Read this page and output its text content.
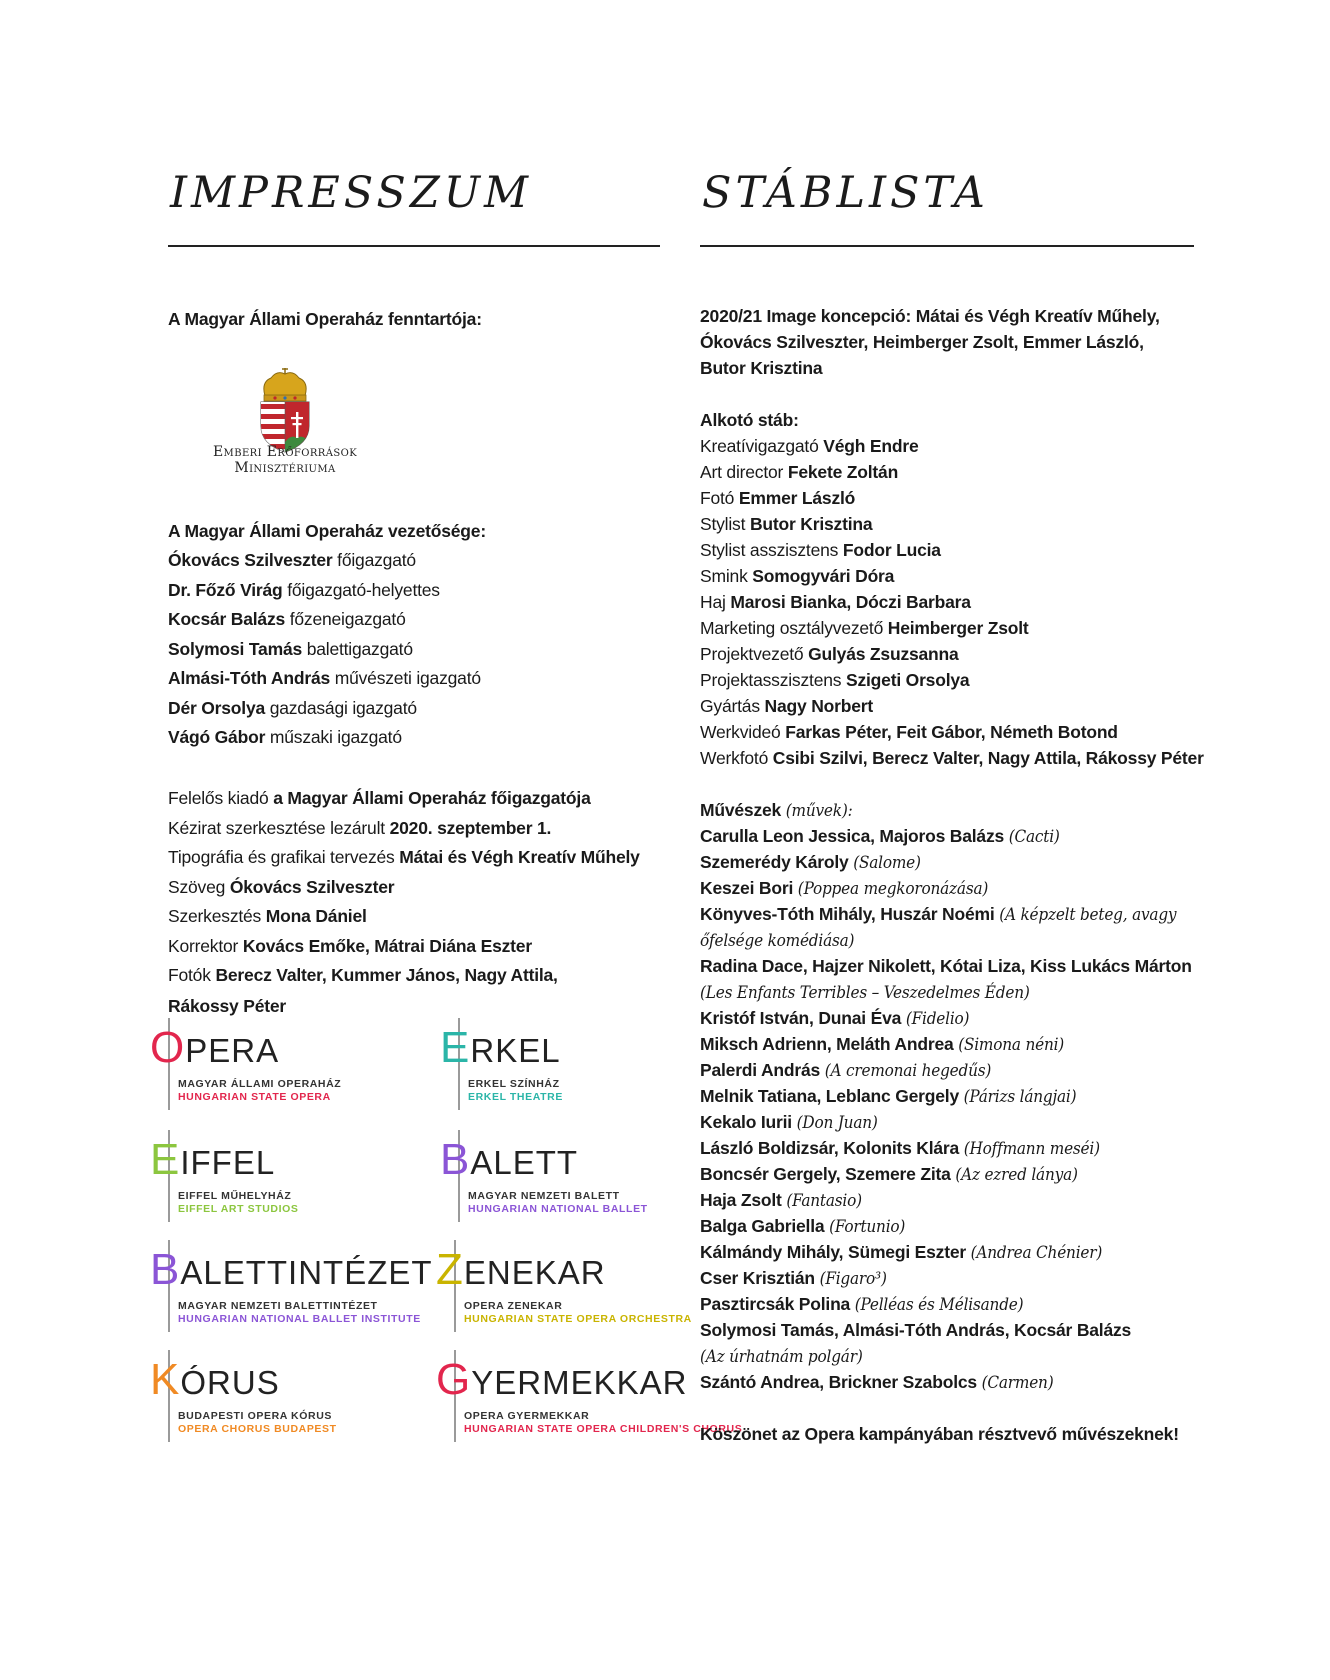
IMPRESSZUM	STÁBLISTA
A Magyar Állami Operaház fenntartója:
Emberi Erőforrások
Minisztériuma
A Magyar Állami Operaház vezetősége:
Ókovács Szilveszter főigazgató
Dr. Főző Virág főigazgató-helyettes
Kocsár Balázs főzeneigazgató
Solymosi Tamás balettigazgató
Almási-Tóth András művészeti igazgató
Dér Orsolya gazdasági igazgató
Vágó Gábor műszaki igazgató
Felelős kiadó a Magyar Állami Operaház főigazgatója
Kézirat szerkesztése lezárult 2020. szeptember 1.
Tipográfia és grafikai tervezés Mátai és Végh Kreatív Műhely
Szöveg Ókovács Szilveszter
Szerkesztés Mona Dániel
Korrektor Kovács Emőke, Mátrai Diána Eszter
Fotók Berecz Valter, Kummer János, Nagy Attila,
Rákossy Péter
OPERA
MAGYAR ÁLLAMI OPERAHÁZ
HUNGARIAN STATE OPERA
ERKEL
ERKEL SZÍNHÁZ
ERKEL THEATRE
EIFFEL
EIFFEL MŰHELYHÁZ
EIFFEL ART STUDIOS
BALETT
MAGYAR NEMZETI BALETT
HUNGARIAN NATIONAL BALLET
BALETTINTÉZET
MAGYAR NEMZETI BALETTINTÉZET
HUNGARIAN NATIONAL BALLET INSTITUTE
ZENEKAR
OPERA ZENEKAR
HUNGARIAN STATE OPERA ORCHESTRA
KÓRUS
BUDAPESTI OPERA KÓRUS
OPERA CHORUS BUDAPEST
GYERMEKKAR
OPERA GYERMEKKAR
HUNGARIAN STATE OPERA CHILDREN'S CHORUS
2020/21 Image koncepció: Mátai és Végh Kreatív Műhely,
Ókovács Szilveszter, Heimberger Zsolt, Emmer László,
Butor Krisztina
Alkotó stáb:
Kreatívigazgató Végh Endre
Art director Fekete Zoltán
Fotó Emmer László
Stylist Butor Krisztina
Stylist asszisztens Fodor Lucia
Smink Somogyvári Dóra
Haj Marosi Bianka, Dóczi Barbara
Marketing osztályvezető Heimberger Zsolt
Projektvezető Gulyás Zsuzsanna
Projektasszisztens Szigeti Orsolya
Gyártás Nagy Norbert
Werkvideó Farkas Péter, Feit Gábor, Németh Botond
Werkfotó Csibi Szilvi, Berecz Valter, Nagy Attila, Rákossy Péter
Művészek (művek):
Carulla Leon Jessica, Majoros Balázs (Cacti)
Szemerédy Károly (Salome)
Keszei Bori (Poppea megkoronázása)
Könyves-Tóth Mihály, Huszár Noémi (A képzelt beteg, avagy
őfelsége komédiása)
Radina Dace, Hajzer Nikolett, Kótai Liza, Kiss Lukács Márton
(Les Enfants Terribles – Veszedelmes Éden)
Kristóf István, Dunai Éva (Fidelio)
Miksch Adrienn, Meláth Andrea (Simona néni)
Palerdi András (A cremonai hegedűs)
Melnik Tatiana, Leblanc Gergely (Párizs lángjai)
Kekalo Iurii (Don Juan)
László Boldizsár, Kolonits Klára (Hoffmann meséi)
Boncsér Gergely, Szemere Zita (Az ezred lánya)
Haja Zsolt (Fantasio)
Balga Gabriella (Fortunio)
Kálmándy Mihály, Sümegi Eszter (Andrea Chénier)
Cser Krisztián (Figaro³)
Pasztircsák Polina (Pelléas és Mélisande)
Solymosi Tamás, Almási-Tóth András, Kocsár Balázs
(Az úrhatnám polgár)
Szántó Andrea, Brickner Szabolcs (Carmen)
Köszönet az Opera kampányában résztvevő művészeknek!
